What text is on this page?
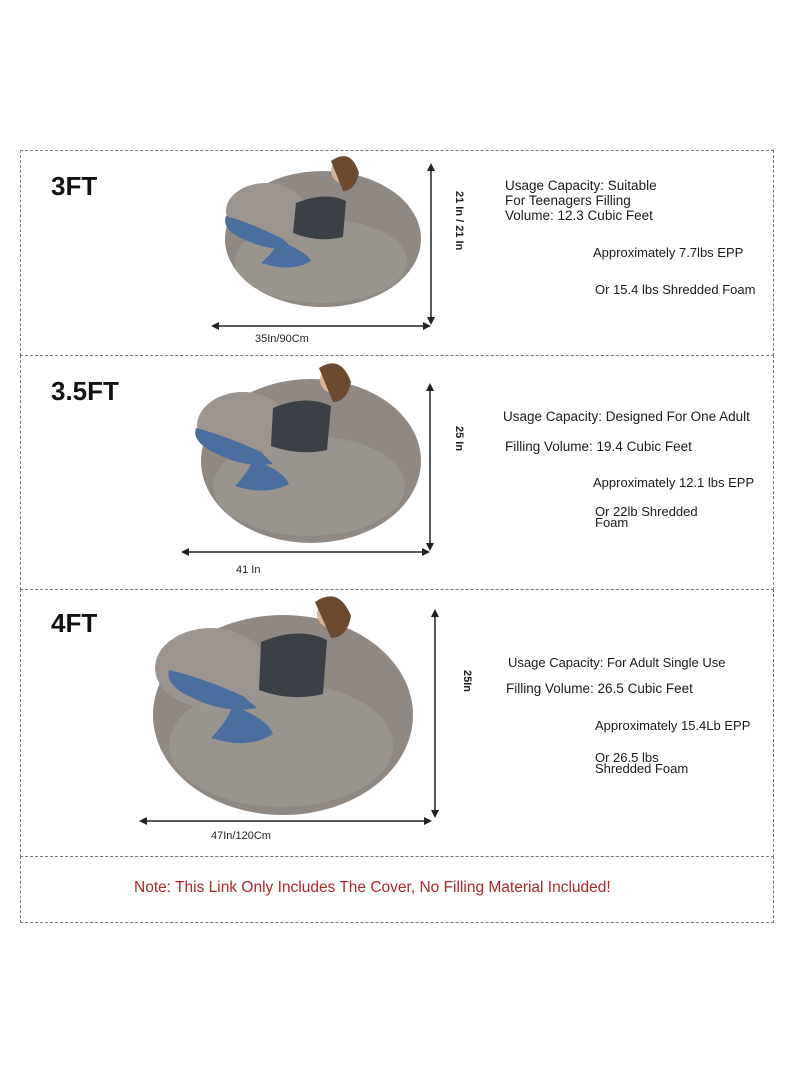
3FT
35In/90Cm
21 In / 21 In
Usage Capacity: Suitable For Teenagers Filling Volume: 12.3 Cubic Feet
Approximately 7.7lbs EPP
Or 15.4 lbs Shredded Foam
3.5FT
41 In
25 In
Usage Capacity: Designed For One Adult
Filling Volume: 19.4 Cubic Feet
Approximately 12.1 lbs EPP
Or 22lb Shredded Foam
4FT
47In/120Cm
25In
Usage Capacity: For Adult Single Use
Filling Volume: 26.5 Cubic Feet
Approximately 15.4Lb EPP
Or 26.5 lbs Shredded Foam
Note: This Link Only Includes The Cover, No Filling Material Included!
